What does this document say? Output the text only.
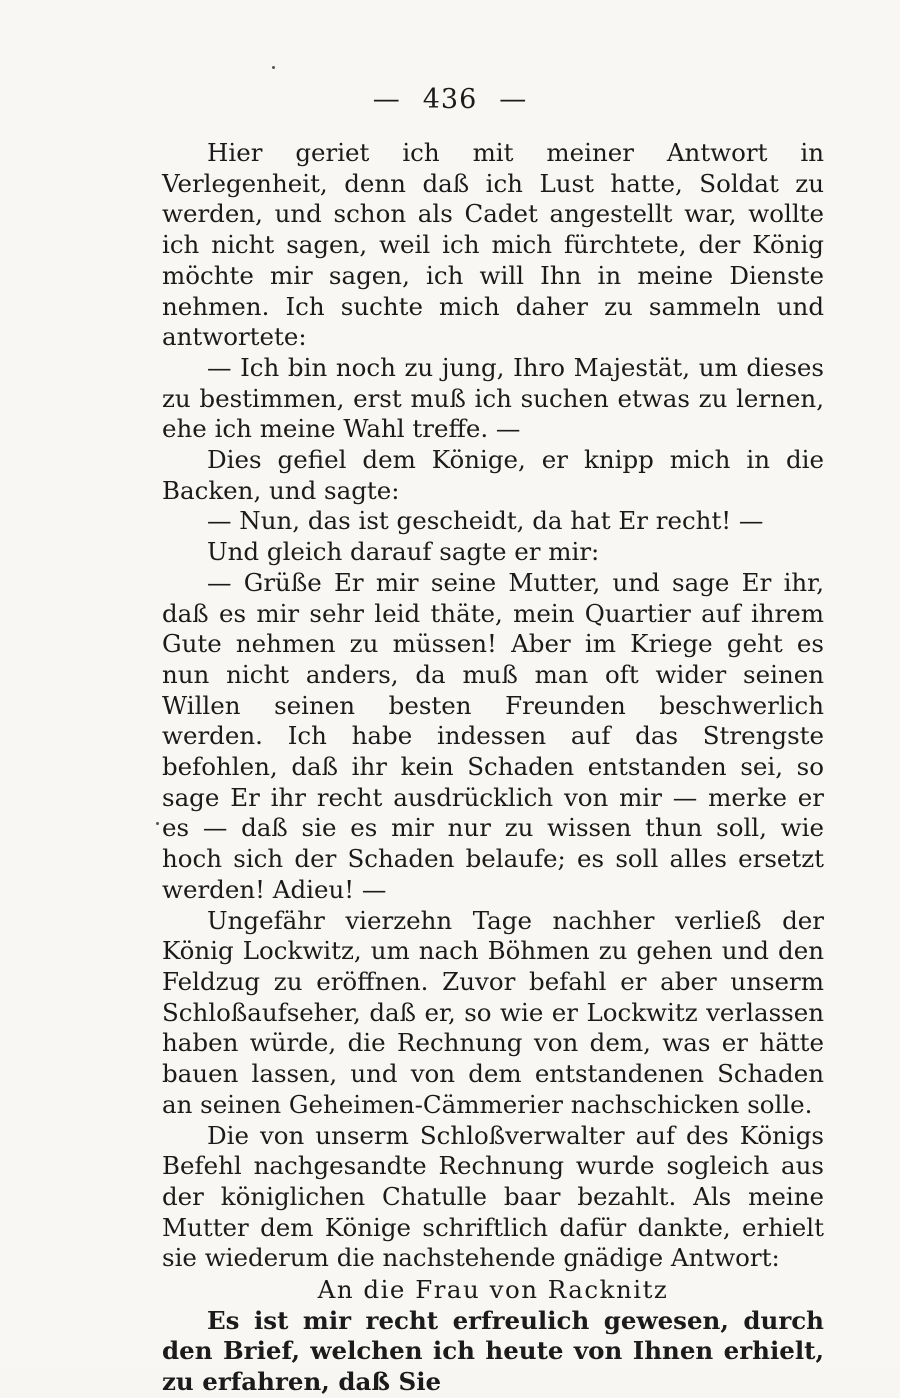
— 436 —

Hier geriet ich mit meiner Antwort in Verlegenheit, denn daß ich Lust hatte, Soldat zu werden, und schon als Cadet angestellt war, wollte ich nicht sagen, weil ich mich fürchtete, der König möchte mir sagen, ich will Ihn in meine Dienste nehmen. Ich suchte mich daher zu sammeln und antwortete:

— Ich bin noch zu jung, Ihro Majestät, um dieses zu bestimmen, erst muß ich suchen etwas zu lernen, ehe ich meine Wahl treffe. —

Dies gefiel dem Könige, er knipp mich in die Backen, und sagte:

— Nun, das ist gescheidt, da hat Er recht! —

Und gleich darauf sagte er mir:

— Grüße Er mir seine Mutter, und sage Er ihr, daß es mir sehr leid thäte, mein Quartier auf ihrem Gute nehmen zu müssen! Aber im Kriege geht es nun nicht anders, da muß man oft wider seinen Willen seinen besten Freunden beschwerlich werden. Ich habe indessen auf das Strengste befohlen, daß ihr kein Schaden entstanden sei, so sage Er ihr recht ausdrücklich von mir — merke er es — daß sie es mir nur zu wissen thun soll, wie hoch sich der Schaden belaufe; es soll alles ersetzt werden! Adieu! —

Ungefähr vierzehn Tage nachher verließ der König Lockwitz, um nach Böhmen zu gehen und den Feldzug zu eröffnen. Zuvor befahl er aber unserm Schloßaufseher, daß er, so wie er Lockwitz verlassen haben würde, die Rechnung von dem, was er hätte bauen lassen, und von dem entstandenen Schaden an seinen Geheimen-Cämmerier nachschicken solle.

Die von unserm Schloßverwalter auf des Königs Befehl nachgesandte Rechnung wurde sogleich aus der königlichen Chatulle baar bezahlt. Als meine Mutter dem Könige schriftlich dafür dankte, erhielt sie wiederum die nachstehende gnädige Antwort:

An die Frau von Racknitz

Es ist mir recht erfreulich gewesen, durch den Brief, welchen ich heute von Ihnen erhielt, zu erfahren, daß Sie
